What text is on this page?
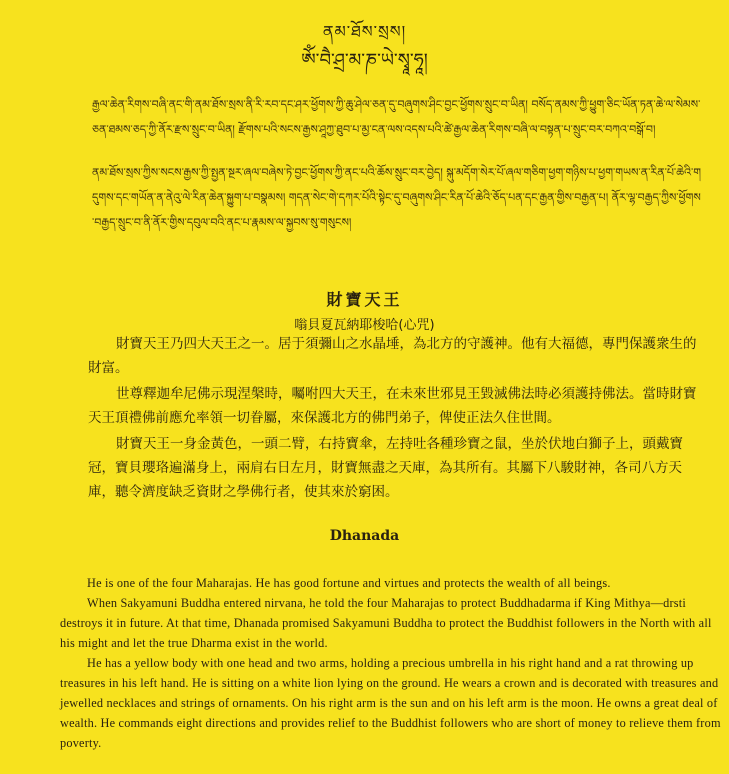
ནམ་ཐོས་སྲས།
ཨོཾ་བཻ་ཤྲ་མ་ཎ་ཡེ་སྭཱ་ཧཱ།
རྒྱལ་ཆེན་རིགས་བཞི་ནང་གི་ནམ་ཐོས་སྲས་ནི་རི་རབ་དང་ཤར་ཕྱོགས་ཀྱི་ཆུ་ཤེལ་ཅན་དུ་བཞུགས་ཤིང་བྱང་ཕྱོགས་སྲུང་བ་ཡིན། བསོད་ནམས་ཀྱི་ཕྱུག་ཅིང་ཡོན་ཏན་ཆེ་ལ་སེམས་ཅན་ཐམས་ཅད་ཀྱི་ནོར་རྫས་སྲུང་བ་ཡིན། རྫོགས་པའི་སངས་རྒྱས་ཤཱཀྱ་ཐུབ་པ་མྱ་ངན་ལས་འདས་པའི་ཚེ་རྒྱལ་ཆེན་རིགས་བཞི་ལ་བསྟན་པ་སྲུང་བར་བཀའ་བསྒོ་བ།
ནམ་ཐོས་སྲས་ཀྱིས་སངས་རྒྱས་ཀྱི་སྤྱན་སྔར་ཞལ་བཞེས་ཏེ་བྱང་ཕྱོགས་ཀྱི་ནང་པའི་ཆོས་སྲུང་བར་བྱེད། སྐུ་མདོག་སེར་པོ་ཞལ་གཅིག་ཕྱག་གཉིས་པ་ཕྱག་གཡས་ན་རིན་པོ་ཆེའི་གདུགས་དང་གཡོན་ན་ནེའུ་ལེ་རིན་ཆེན་སྐྱུག་པ་བསྣམས། གདན་སེང་གེ་དཀར་པོའི་སྟེང་དུ་བཞུགས་ཤིང་རིན་པོ་ཆེའི་ཅོད་པན་དང་རྒྱན་གྱིས་བརྒྱན་པ། ནོར་ལྷ་བརྒྱད་ཀྱིས་ཕྱོགས་བརྒྱད་སྲུང་བ་ནི་ནོར་གྱིས་དབུལ་བའི་ནང་པ་རྣམས་ལ་སྐྱབས་སུ་གསུངས།
財寶天王
嗡貝夏瓦納耶梭哈(心咒)

財寶天王乃四大天王之一。居于須彌山之水晶埵，為北方的守護神。他有大福德，專門保護衆生的財富。

世尊釋迦牟尼佛示現涅槃時，囑咐四大天王，在未來世邪見王毀滅佛法時必須護持佛法。當時財寶天王頂禮佛前應允率領一切眷屬，來保護北方的佛門弟子，俾使正法久住世間。

財寶天王一身金黃色，一頭二臂，右持寶傘，左持吐各種珍寶之鼠，坐於伏地白獅子上，頭戴寶冠，寶貝瓔珞遍滿身上，兩肩右日左月，財寶無盡之天庫，為其所有。其屬下八駿財神，各司八方天庫，聽令濟度缺乏資財之學佛行者，使其來於窮困。

Dhanada

He is one of the four Maharajas. He has good fortune and virtues and protects the wealth of all beings.

When Sakyamuni Buddha entered nirvana, he told the four Maharajas to protect Buddhadarma if King Mithya—drsti destroys it in future. At that time, Dhanada promised Sakyamuni Buddha to protect the Buddhist followers in the North with all his might and let the true Dharma exist in the world.

He has a yellow body with one head and two arms, holding a precious umbrella in his right hand and a rat throwing up treasures in his left hand. He is sitting on a white lion lying on the ground. He wears a crown and is decorated with treasures and jewelled necklaces and strings of ornaments. On his right arm is the sun and on his left arm is the moon. He owns a great deal of wealth. He commands eight directions and provides relief to the Buddhist followers who are short of money to relieve them from poverty.
